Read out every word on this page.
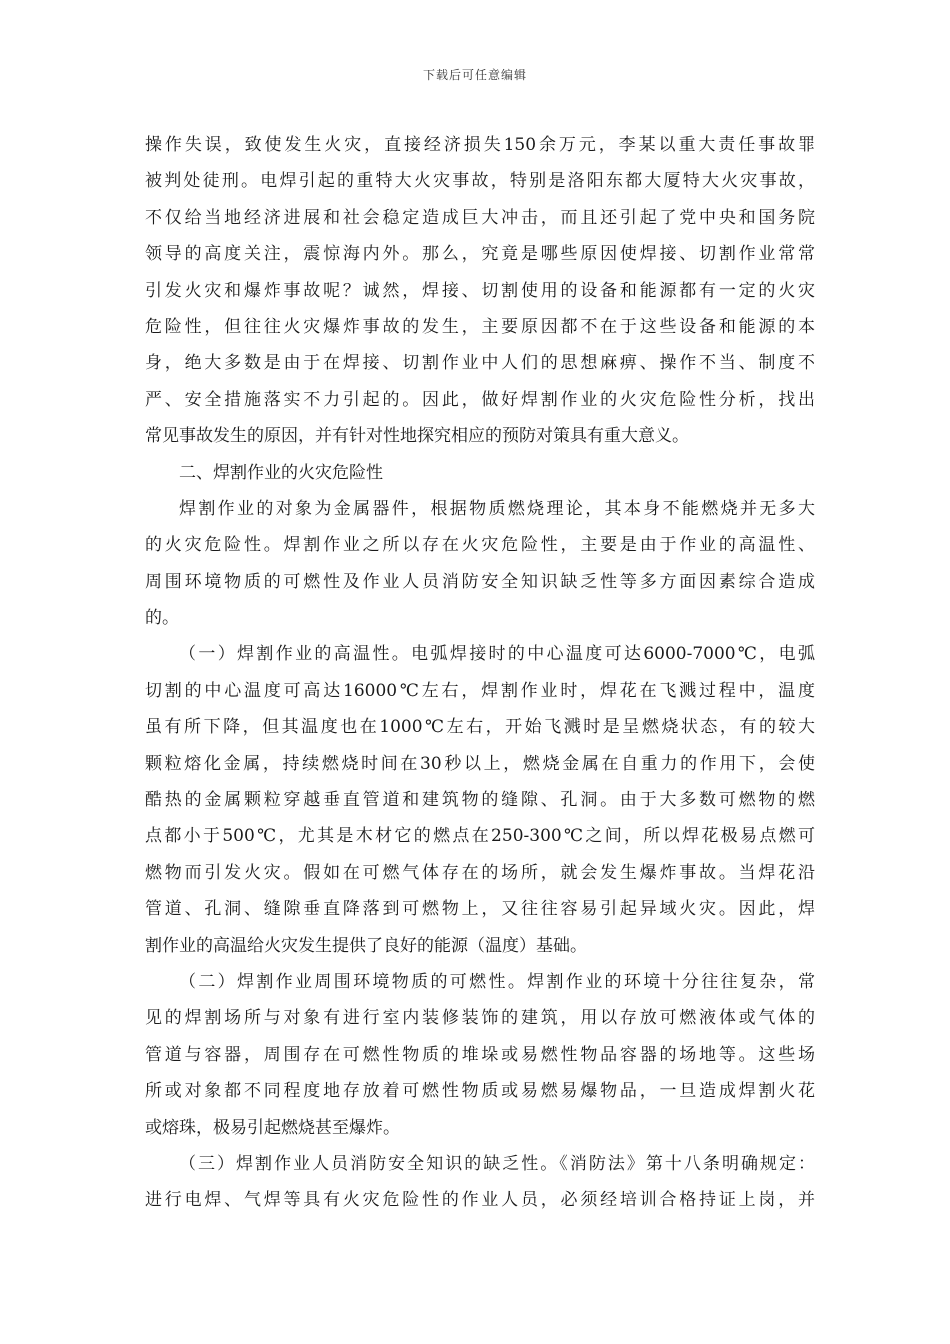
下载后可任意编辑
操作失误，致使发生火灾，直接经济损失150余万元，李某以重大责任事故罪
被判处徒刑。电焊引起的重特大火灾事故，特别是洛阳东都大厦特大火灾事故，
不仅给当地经济进展和社会稳定造成巨大冲击，而且还引起了党中央和国务院
领导的高度关注，震惊海内外。那么，究竟是哪些原因使焊接、切割作业常常
引发火灾和爆炸事故呢？诚然，焊接、切割使用的设备和能源都有一定的火灾
危险性，但往往火灾爆炸事故的发生，主要原因都不在于这些设备和能源的本
身，绝大多数是由于在焊接、切割作业中人们的思想麻痹、操作不当、制度不
严、安全措施落实不力引起的。因此，做好焊割作业的火灾危险性分析，找出
常见事故发生的原因，并有针对性地探究相应的预防对策具有重大意义。
二、焊割作业的火灾危险性
焊割作业的对象为金属器件，根据物质燃烧理论，其本身不能燃烧并无多大
的火灾危险性。焊割作业之所以存在火灾危险性，主要是由于作业的高温性、
周围环境物质的可燃性及作业人员消防安全知识缺乏性等多方面因素综合造成
的。
（一）焊割作业的高温性。电弧焊接时的中心温度可达6000-7000℃，电弧
切割的中心温度可高达16000℃左右，焊割作业时，焊花在飞溅过程中，温度
虽有所下降，但其温度也在1000℃左右，开始飞溅时是呈燃烧状态，有的较大
颗粒熔化金属，持续燃烧时间在30秒以上，燃烧金属在自重力的作用下，会使
酷热的金属颗粒穿越垂直管道和建筑物的缝隙、孔洞。由于大多数可燃物的燃
点都小于500℃，尤其是木材它的燃点在250-300℃之间，所以焊花极易点燃可
燃物而引发火灾。假如在可燃气体存在的场所，就会发生爆炸事故。当焊花沿
管道、孔洞、缝隙垂直降落到可燃物上，又往往容易引起异域火灾。因此，焊
割作业的高温给火灾发生提供了良好的能源（温度）基础。
（二）焊割作业周围环境物质的可燃性。焊割作业的环境十分往往复杂，常
见的焊割场所与对象有进行室内装修装饰的建筑，用以存放可燃液体或气体的
管道与容器，周围存在可燃性物质的堆垛或易燃性物品容器的场地等。这些场
所或对象都不同程度地存放着可燃性物质或易燃易爆物品，一旦造成焊割火花
或熔珠，极易引起燃烧甚至爆炸。
（三）焊割作业人员消防安全知识的缺乏性。《消防法》第十八条明确规定：
进行电焊、气焊等具有火灾危险性的作业人员，必须经培训合格持证上岗，并
